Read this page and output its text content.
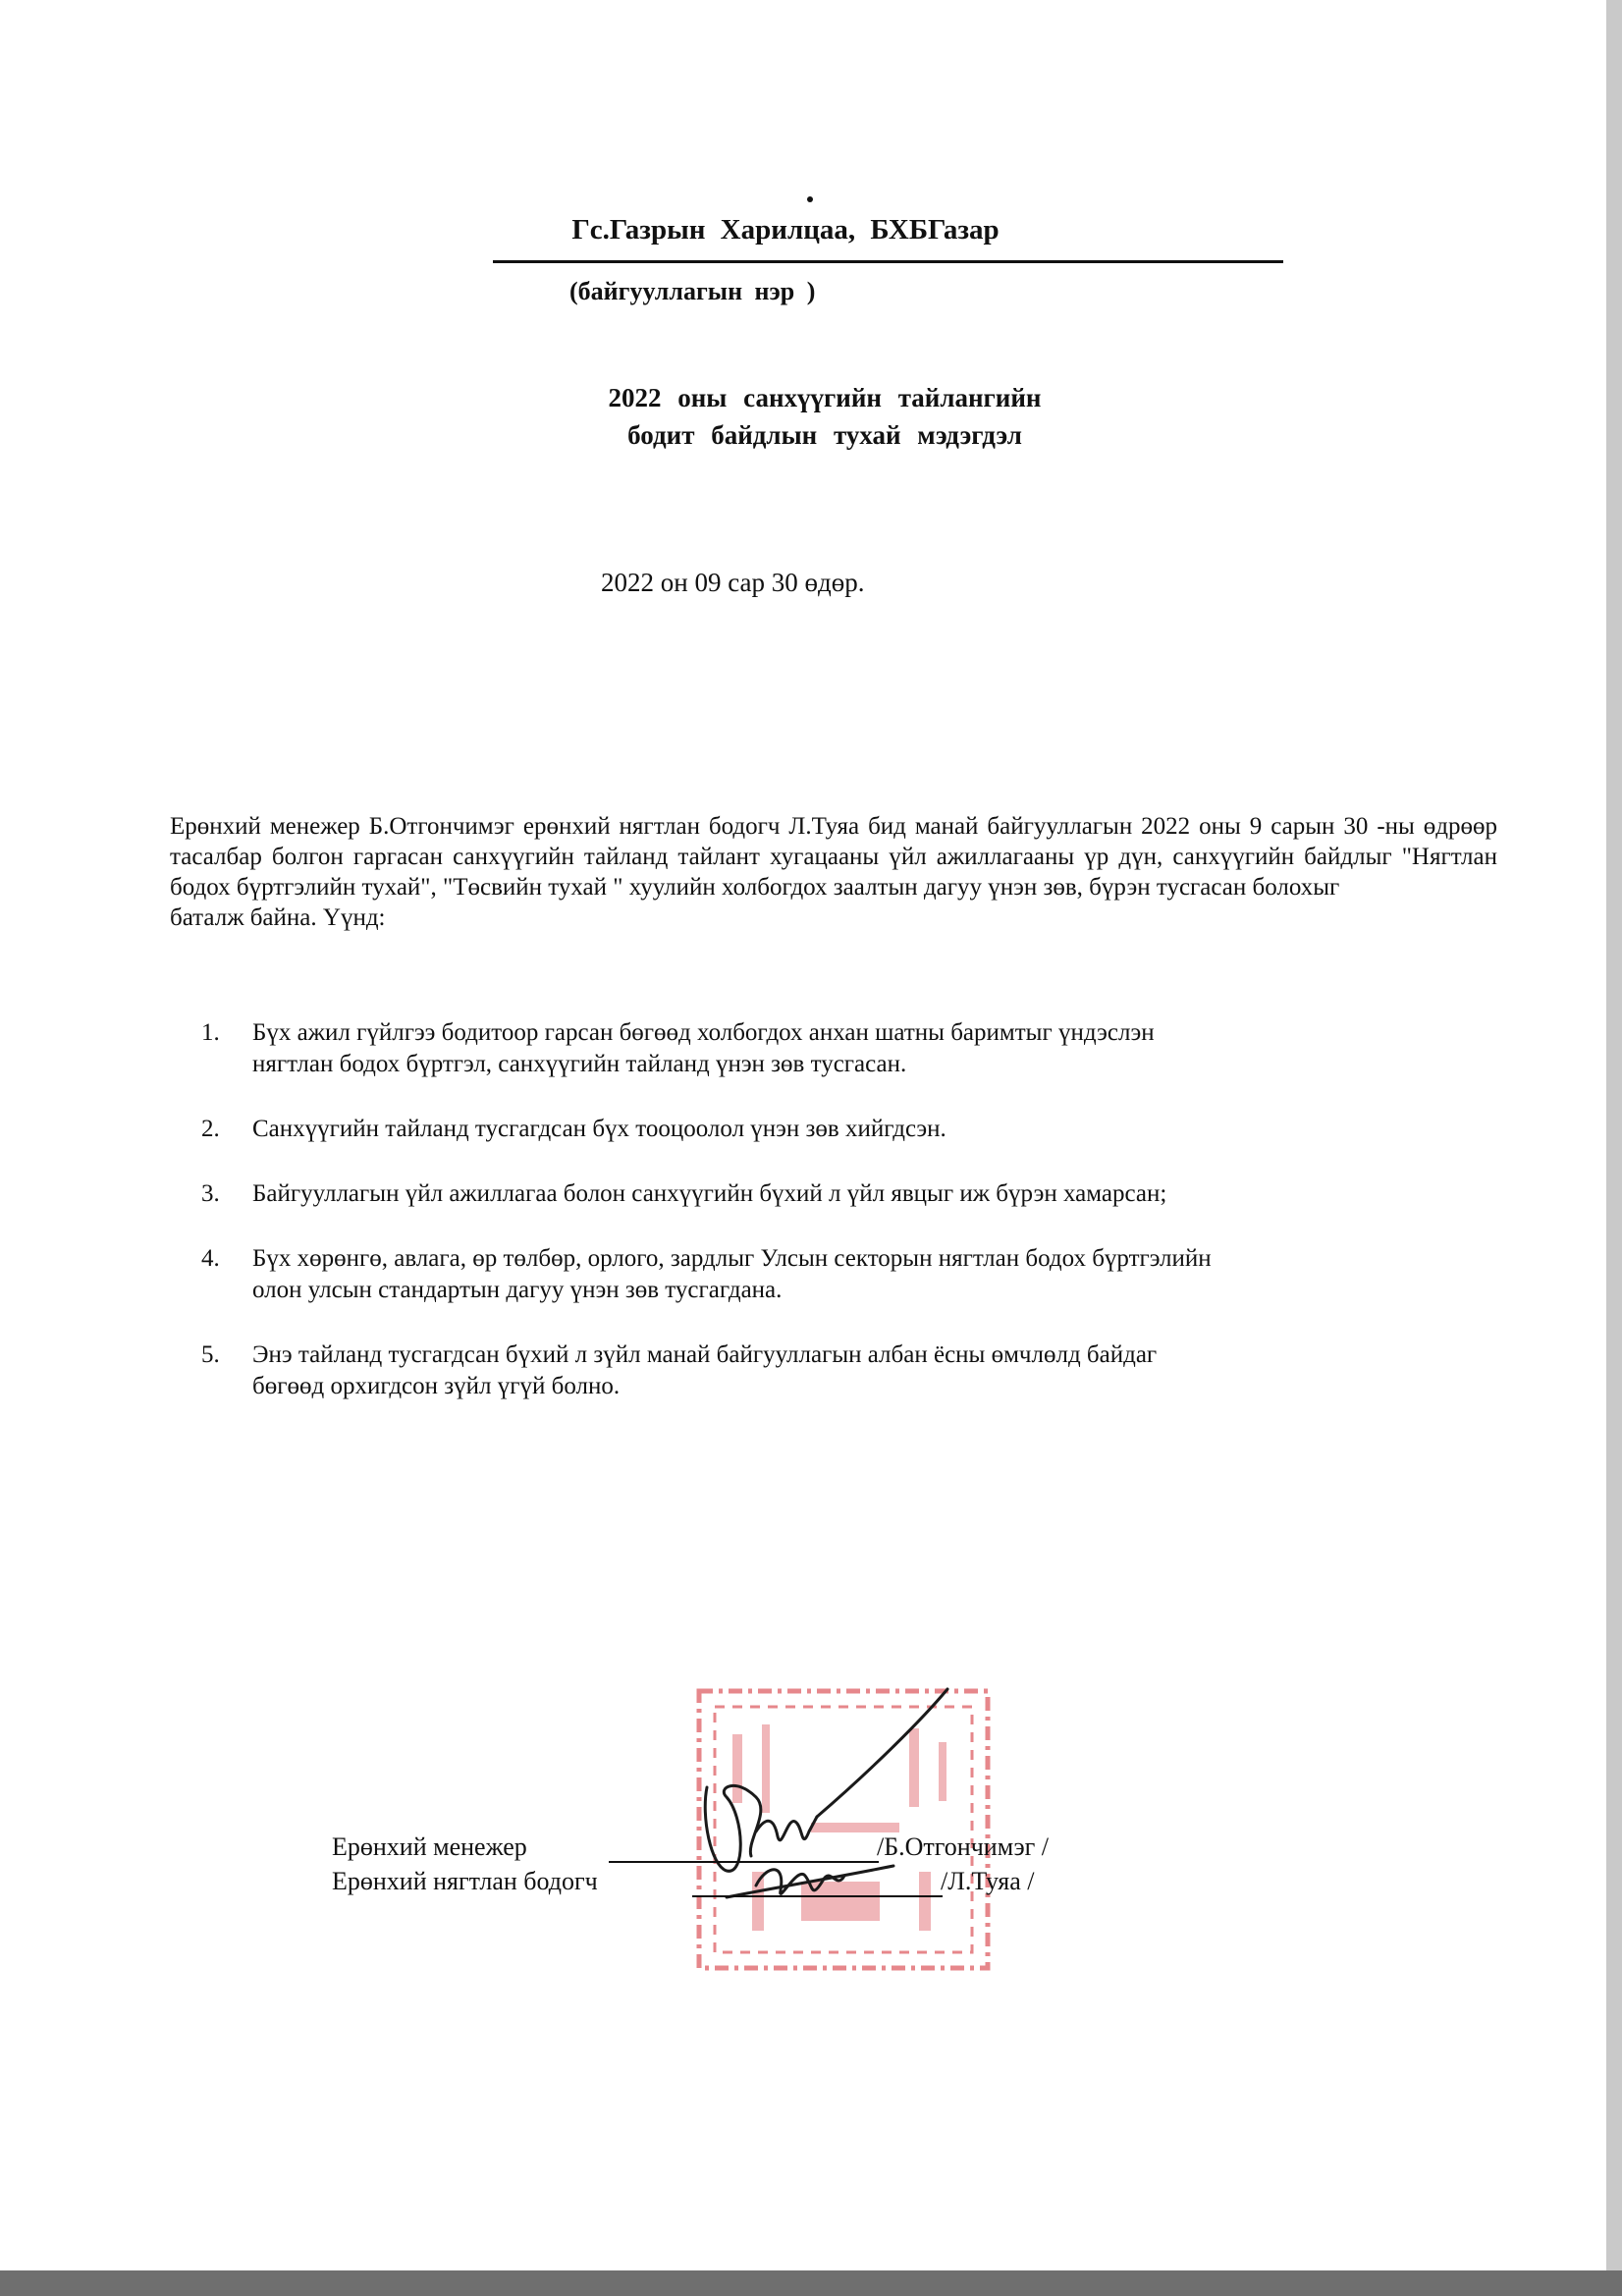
Гс.Газрын Харилцаа, БХБГазар
(байгууллагын нэр )
2022 оны санхүүгийн тайлангийн
бодит байдлын тухай мэдэгдэл
2022 он 09 сар 30 өдөр.
Ерөнхий менежер Б.Отгончимэг ерөнхий нягтлан бодогч Л.Туяа бид манай байгууллагын 2022 оны 9 сарын 30 -ны өдрөөр тасалбар болгон гаргасан санхүүгийн тайланд тайлант хугацааны үйл ажиллагааны үр дүн, санхүүгийн байдлыг "Нягтлан бодох бүртгэлийн тухай", "Төсвийн тухай " хуулийн холбогдох заалтын дагуу үнэн зөв, бүрэн тусгасан болохыг
баталж байна. Үүнд:
1. Бүх ажил гүйлгээ бодитоор гарсан бөгөөд холбогдох анхан шатны баримтыг үндэслэн
нягтлан бодох бүртгэл, санхүүгийн тайланд үнэн зөв тусгасан.
2. Санхүүгийн тайланд тусгагдсан бүх тооцоолол үнэн зөв хийгдсэн.
3. Байгууллагын үйл ажиллагаа болон санхүүгийн бүхий л үйл явцыг иж бүрэн хамарсан;
4. Бүх хөрөнгө, авлага, өр төлбөр, орлого, зардлыг Улсын секторын нягтлан бодох бүртгэлийн
олон улсын стандартын дагуу үнэн зөв тусгагдана.
5. Энэ тайланд тусгагдсан бүхий л зүйл манай байгууллагын албан ёсны өмчлөлд байдаг
бөгөөд орхигдсон зүйл үгүй болно.
Ерөнхий менежер	/Б.Отгончимэг /
Ерөнхий нягтлан бодогч	/Л.Туяа /
